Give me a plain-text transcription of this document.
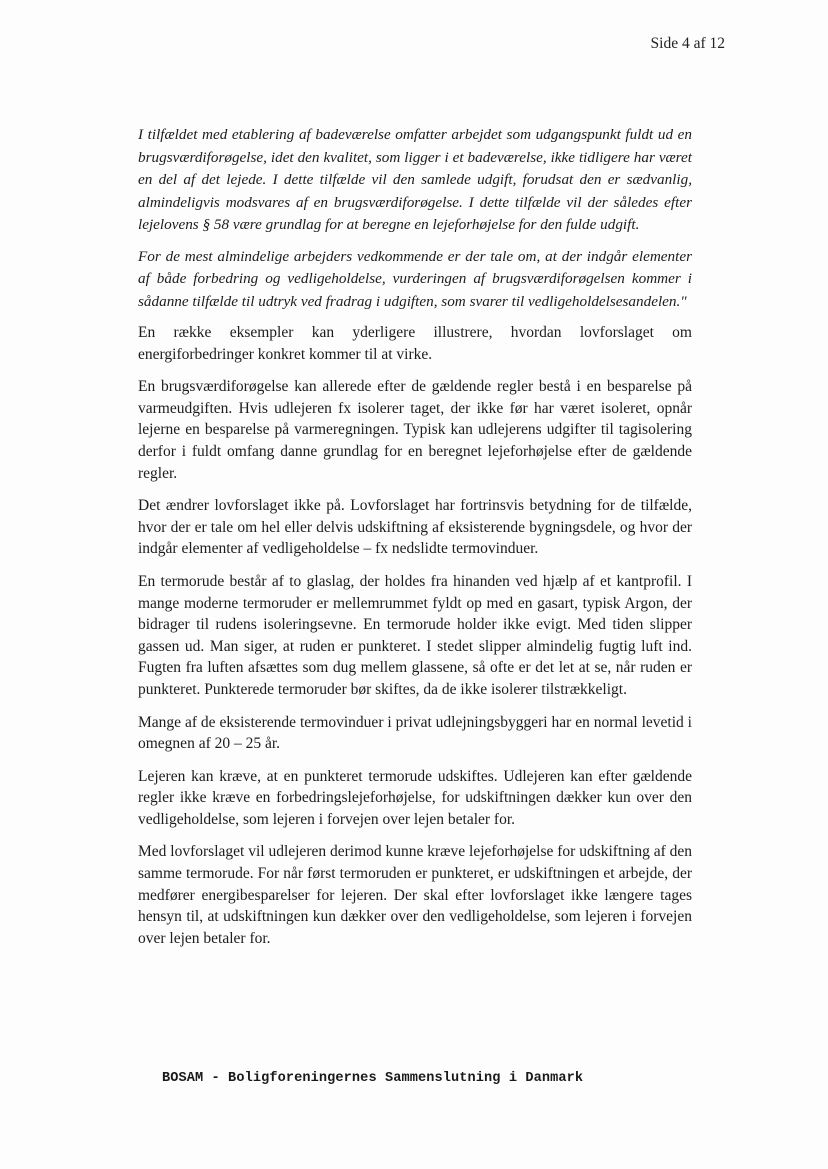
Side 4 af 12

I tilfældet med etablering af badeværelse omfatter arbejdet som udgangspunkt fuldt ud en brugsværdiforøgelse, idet den kvalitet, som ligger i et badeværelse, ikke tidligere har været en del af det lejede. I dette tilfælde vil den samlede udgift, forudsat den er sædvanlig, almindeligvis modsvares af en brugsværdiforøgelse. I dette tilfælde vil der således efter lejelovens § 58 være grundlag for at beregne en lejeforhøjelse for den fulde udgift.

For de mest almindelige arbejders vedkommende er der tale om, at der indgår elementer af både forbedring og vedligeholdelse, vurderingen af brugsværdiforøgelsen kommer i sådanne tilfælde til udtryk ved fradrag i udgiften, som svarer til vedligeholdelsesandelen."

En række eksempler kan yderligere illustrere, hvordan lovforslaget om energiforbedringer konkret kommer til at virke.

En brugsværdiforøgelse kan allerede efter de gældende regler bestå i en besparelse på varmeudgiften. Hvis udlejeren fx isolerer taget, der ikke før har været isoleret, opnår lejerne en besparelse på varmeregningen. Typisk kan udlejerens udgifter til tagisolering derfor i fuldt omfang danne grundlag for en beregnet lejeforhøjelse efter de gældende regler.

Det ændrer lovforslaget ikke på. Lovforslaget har fortrinsvis betydning for de tilfælde, hvor der er tale om hel eller delvis udskiftning af eksisterende bygningsdele, og hvor der indgår elementer af vedligeholdelse – fx nedslidte termovinduer.

En termorude består af to glaslag, der holdes fra hinanden ved hjælp af et kantprofil. I mange moderne termoruder er mellemrummet fyldt op med en gasart, typisk Argon, der bidrager til rudens isoleringsevne. En termorude holder ikke evigt. Med tiden slipper gassen ud. Man siger, at ruden er punkteret. I stedet slipper almindelig fugtig luft ind. Fugten fra luften afsættes som dug mellem glassene, så ofte er det let at se, når ruden er punkteret. Punkterede termoruder bør skiftes, da de ikke isolerer tilstrækkeligt.

Mange af de eksisterende termovinduer i privat udlejningsbyggeri har en normal levetid i omegnen af 20 – 25 år.

Lejeren kan kræve, at en punkteret termorude udskiftes. Udlejeren kan efter gældende regler ikke kræve en forbedringslejeforhøjelse, for udskiftningen dækker kun over den vedligeholdelse, som lejeren i forvejen over lejen betaler for.

Med lovforslaget vil udlejeren derimod kunne kræve lejeforhøjelse for udskiftning af den samme termorude. For når først termoruden er punkteret, er udskiftningen et arbejde, der medfører energibesparelser for lejeren. Der skal efter lovforslaget ikke længere tages hensyn til, at udskiftningen kun dækker over den vedligeholdelse, som lejeren i forvejen over lejen betaler for.

BOSAM - Boligforeningernes Sammenslutning i Danmark
